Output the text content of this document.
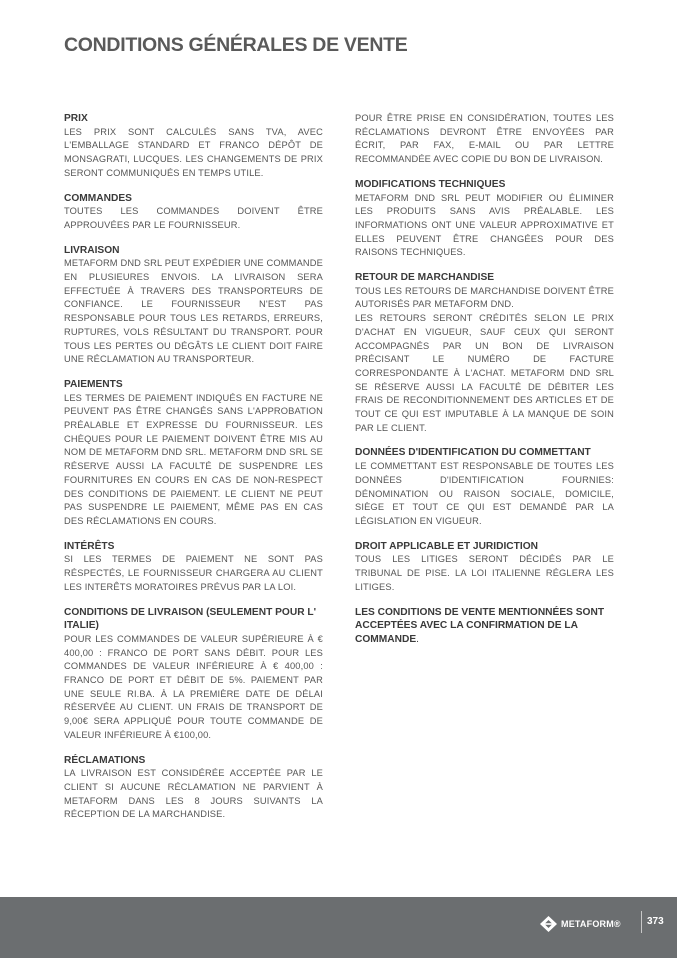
CONDITIONS GÉNÉRALES DE VENTE
PRIX

LES PRIX SONT CALCULÉS SANS TVA, AVEC L'EMBALLAGE STANDARD ET FRANCO DÉPÔT DE MONSAGRATI, LUCQUES. LES CHANGEMENTS DE PRIX SERONT COMMUNIQUÉS EN TEMPS UTILE.

COMMANDES

TOUTES LES COMMANDES DOIVENT ÊTRE APPROUVÉES PAR LE FOURNISSEUR.

LIVRAISON

METAFORM DND SRL PEUT EXPÉDIER UNE COMMANDE EN PLUSIEURES ENVOIS. LA LIVRAISON SERA EFFECTUÉE À TRAVERS DES TRANSPORTEURS DE CONFIANCE. LE FOURNISSEUR N'EST PAS RESPONSABLE POUR TOUS LES RETARDS, ERREURS, RUPTURES, VOLS RÉSULTANT DU TRANSPORT. POUR TOUS LES PERTES OU DÉGÂTS LE CLIENT DOIT FAIRE UNE RÉCLAMATION AU TRANSPORTEUR.

PAIEMENTS

LES TERMES DE PAIEMENT INDIQUÉS EN FACTURE NE PEUVENT PAS ÊTRE CHANGÉS SANS L'APPROBATION PRÉALABLE ET EXPRESSE DU FOURNISSEUR. LES CHÈQUES POUR LE PAIEMENT DOIVENT ÊTRE MIS AU NOM DE METAFORM DND SRL. METAFORM DND SRL SE RÉSERVE AUSSI LA FACULTÉ DE SUSPENDRE LES FOURNITURES EN COURS EN CAS DE NON-RESPECT DES CONDITIONS DE PAIEMENT. LE CLIENT NE PEUT PAS SUSPENDRE LE PAIEMENT, MÊME PAS EN CAS DES RÉCLAMATIONS EN COURS.

INTÉRÊTS

SI LES TERMES DE PAIEMENT NE SONT PAS RÉSPECTÉS, LE FOURNISSEUR CHARGERA AU CLIENT LES INTERÊTS MORATOIRES PRÉVUS PAR LA LOI.

CONDITIONS DE LIVRAISON (SEULEMENT POUR L' ITALIE)

POUR LES COMMANDES DE VALEUR SUPÉRIEURE À € 400,00 : FRANCO DE PORT SANS DÉBIT. POUR LES COMMANDES DE VALEUR INFÉRIEURE À € 400,00 : FRANCO DE PORT ET DÉBIT DE 5%. PAIEMENT PAR UNE SEULE RI.BA. À LA PREMIÈRE DATE DE DÉLAI RÉSERVÉE AU CLIENT. UN FRAIS DE TRANSPORT DE 9,00€ SERA APPLIQUÉ POUR TOUTE COMMANDE DE VALEUR INFÉRIEURE À €100,00.

RÉCLAMATIONS

LA LIVRAISON EST CONSIDÉRÉE ACCEPTÉE PAR LE CLIENT SI AUCUNE RÉCLAMATION NE PARVIENT À METAFORM DANS LES 8 JOURS SUIVANTS LA RÉCEPTION DE LA MARCHANDISE.

POUR ÊTRE PRISE EN CONSIDÉRATION, TOUTES LES RÉCLAMATIONS DEVRONT ÊTRE ENVOYÉES PAR ÉCRIT, PAR FAX, E-MAIL OU PAR LETTRE RECOMMANDÉE AVEC COPIE DU BON DE LIVRAISON.

MODIFICATIONS TECHNIQUES

METAFORM DND SRL PEUT MODIFIER OU ÉLIMINER LES PRODUITS SANS AVIS PRÉALABLE. LES INFORMATIONS ONT UNE VALEUR APPROXIMATIVE ET ELLES PEUVENT ÊTRE CHANGÉES POUR DES RAISONS TECHNIQUES.

RETOUR DE MARCHANDISE

TOUS LES RETOURS DE MARCHANDISE DOIVENT ÊTRE AUTORISÉS PAR METAFORM DND.

LES RETOURS SERONT CRÉDITÉS SELON LE PRIX D'ACHAT EN VIGUEUR, SAUF CEUX QUI SERONT ACCOMPAGNÉS PAR UN BON DE LIVRAISON PRÉCISANT LE NUMÉRO DE FACTURE CORRESPONDANTE À L'ACHAT. METAFORM DND SRL SE RÉSERVE AUSSI LA FACULTÉ DE DÉBITER LES FRAIS DE RECONDITIONNEMENT DES ARTICLES ET DE TOUT CE QUI EST IMPUTABLE À LA MANQUE DE SOIN PAR LE CLIENT.

DONNÉES D'IDENTIFICATION DU COMMETTANT

LE COMMETTANT EST RESPONSABLE DE TOUTES LES DONNÉES D'IDENTIFICATION FOURNIES: DÉNOMINATION OU RAISON SOCIALE, DOMICILE, SIÈGE ET TOUT CE QUI EST DEMANDÉ PAR LA LÉGISLATION EN VIGUEUR.

DROIT APPLICABLE ET JURIDICTION

TOUS LES LITIGES SERONT DÉCIDÉS PAR LE TRIBUNAL DE PISE. LA LOI ITALIENNE RÉGLERA LES LITIGES.

LES CONDITIONS DE VENTE MENTIONNÉES SONT ACCEPTÉES AVEC LA CONFIRMATION DE LA COMMANDE.

METAFORM®	373
